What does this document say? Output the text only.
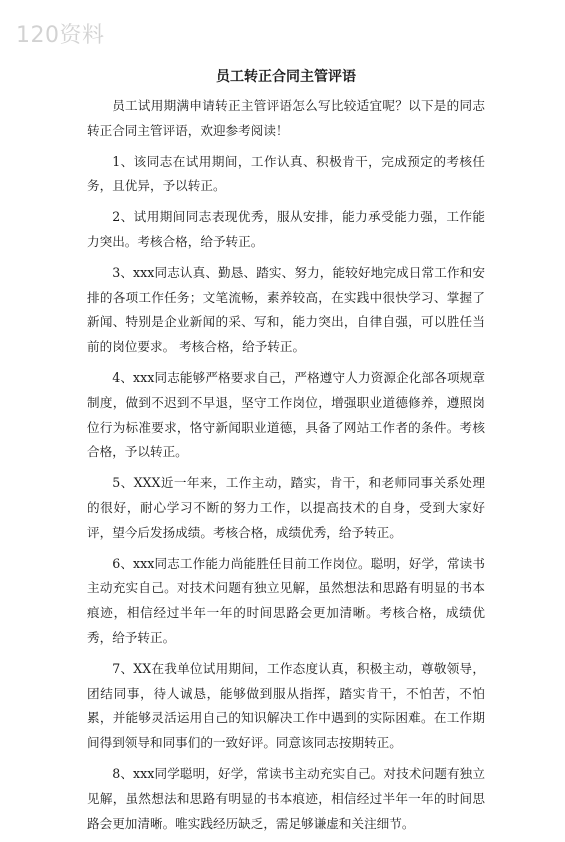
120资料
员工转正合同主管评语

员工试用期满申请转正主管评语怎么写比较适宜呢？以下是的同志转正合同主管评语，欢迎参考阅读！

1、该同志在试用期间，工作认真、积极肯干，完成预定的考核任务，且优异，予以转正。

2、试用期间同志表现优秀，服从安排，能力承受能力强，工作能力突出。考核合格，给予转正。

3、xxx同志认真、勤恳、踏实、努力，能较好地完成日常工作和安排的各项工作任务；文笔流畅，素养较高，在实践中很快学习、掌握了新闻、特别是企业新闻的采、写和，能力突出，自律自强，可以胜任当前的岗位要求。 考核合格，给予转正。

4、xxx同志能够严格要求自己，严格遵守人力资源企化部各项规章制度，做到不迟到不早退，坚守工作岗位，增强职业道德修养，遵照岗位行为标准要求，恪守新闻职业道德，具备了网站工作者的条件。考核合格，予以转正。

5、XXX近一年来，工作主动，踏实，肯干，和老师同事关系处理的很好，耐心学习不断的努力工作，以提高技术的自身，受到大家好评，望今后发扬成绩。考核合格，成绩优秀，给予转正。

6、xxx同志工作能力尚能胜任目前工作岗位。聪明，好学，常读书主动充实自己。对技术问题有独立见解，虽然想法和思路有明显的书本痕迹，相信经过半年一年的时间思路会更加清晰。考核合格，成绩优秀，给予转正。

7、XX在我单位试用期间，工作态度认真，积极主动，尊敬领导，团结同事，待人诚恳，能够做到服从指挥，踏实肯干，不怕苦，不怕累，并能够灵活运用自己的知识解决工作中遇到的实际困难。在工作期间得到领导和同事们的一致好评。同意该同志按期转正。

8、xxx同学聪明，好学，常读书主动充实自己。对技术问题有独立见解，虽然想法和思路有明显的书本痕迹，相信经过半年一年的时间思路会更加清晰。唯实践经历缺乏，需足够谦虚和关注细节。
